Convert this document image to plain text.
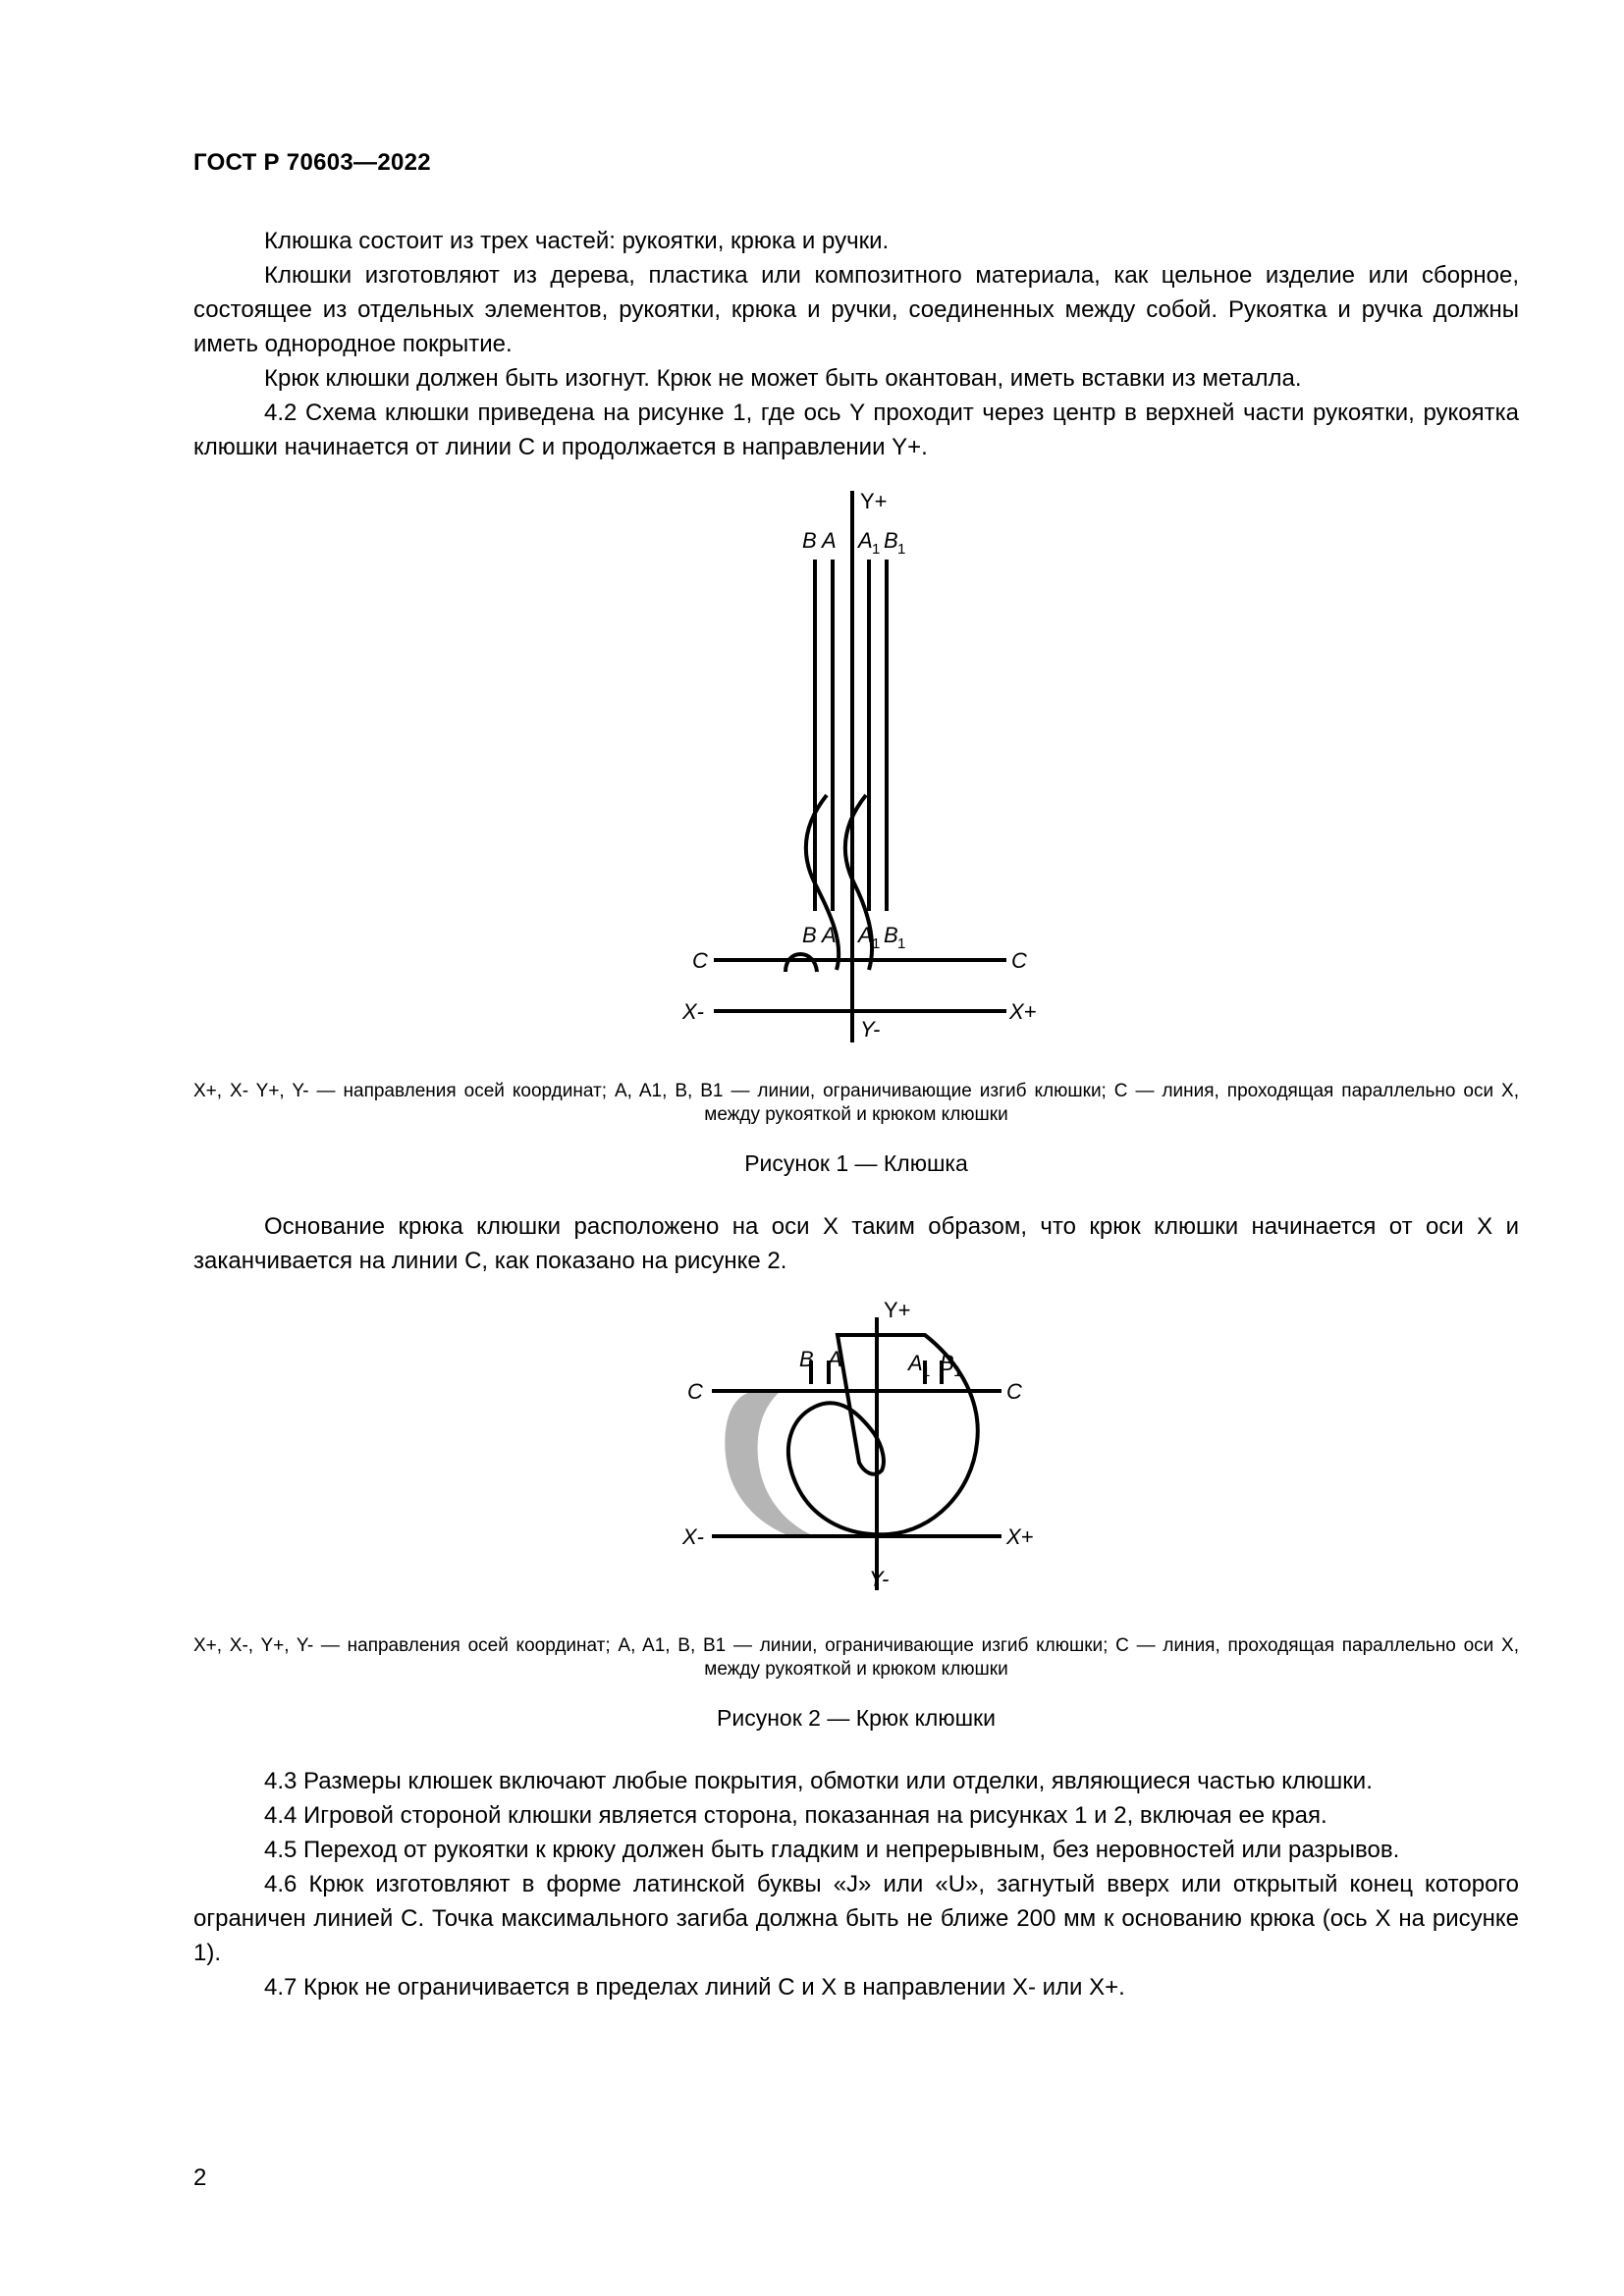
ГОСТ Р 70603—2022

Клюшка состоит из трех частей: рукоятки, крюка и ручки.

Клюшки изготовляют из дерева, пластика или композитного материала, как цельное изделие или сборное, состоящее из отдельных элементов, рукоятки, крюка и ручки, соединенных между собой. Рукоятка и ручка должны иметь однородное покрытие.

Крюк клюшки должен быть изогнут. Крюк не может быть окантован, иметь вставки из металла.

4.2 Схема клюшки приведена на рисунке 1, где ось Y проходит через центр в верхней части рукоятки, рукоятка клюшки начинается от линии C и продолжается в направлении Y+.

Y+
B A A 1 B 1
B A A 1 B 1
C	C
X-	X+
Y-
X+, X- Y+, Y- — направления осей координат; A, A1, B, B1 — линии, ограничивающие изгиб клюшки; C — линия, проходящая параллельно оси X, между рукояткой и крюком клюшки
Рисунок 1 — Клюшка

Основание крюка клюшки расположено на оси X таким образом, что крюк клюшки начинается от оси X и заканчивается на линии C, как показано на рисунке 2.

Y+
B A	A 1 B 1
C	C
X-	X+
Y-
X+, X-, Y+, Y- — направления осей координат; A, A1, B, B1 — линии, ограничивающие изгиб клюшки; C — линия, проходящая параллельно оси X, между рукояткой и крюком клюшки
Рисунок 2 — Крюк клюшки

4.3 Размеры клюшек включают любые покрытия, обмотки или отделки, являющиеся частью клюшки.

4.4 Игровой стороной клюшки является сторона, показанная на рисунках 1 и 2, включая ее края.

4.5 Переход от рукоятки к крюку должен быть гладким и непрерывным, без неровностей или разрывов.

4.6 Крюк изготовляют в форме латинской буквы «J» или «U», загнутый вверх или открытый конец которого ограничен линией C. Точка максимального загиба должна быть не ближе 200 мм к основанию крюка (ось X на рисунке 1).

4.7 Крюк не ограничивается в пределах линий C и X в направлении X- или X+.

2
